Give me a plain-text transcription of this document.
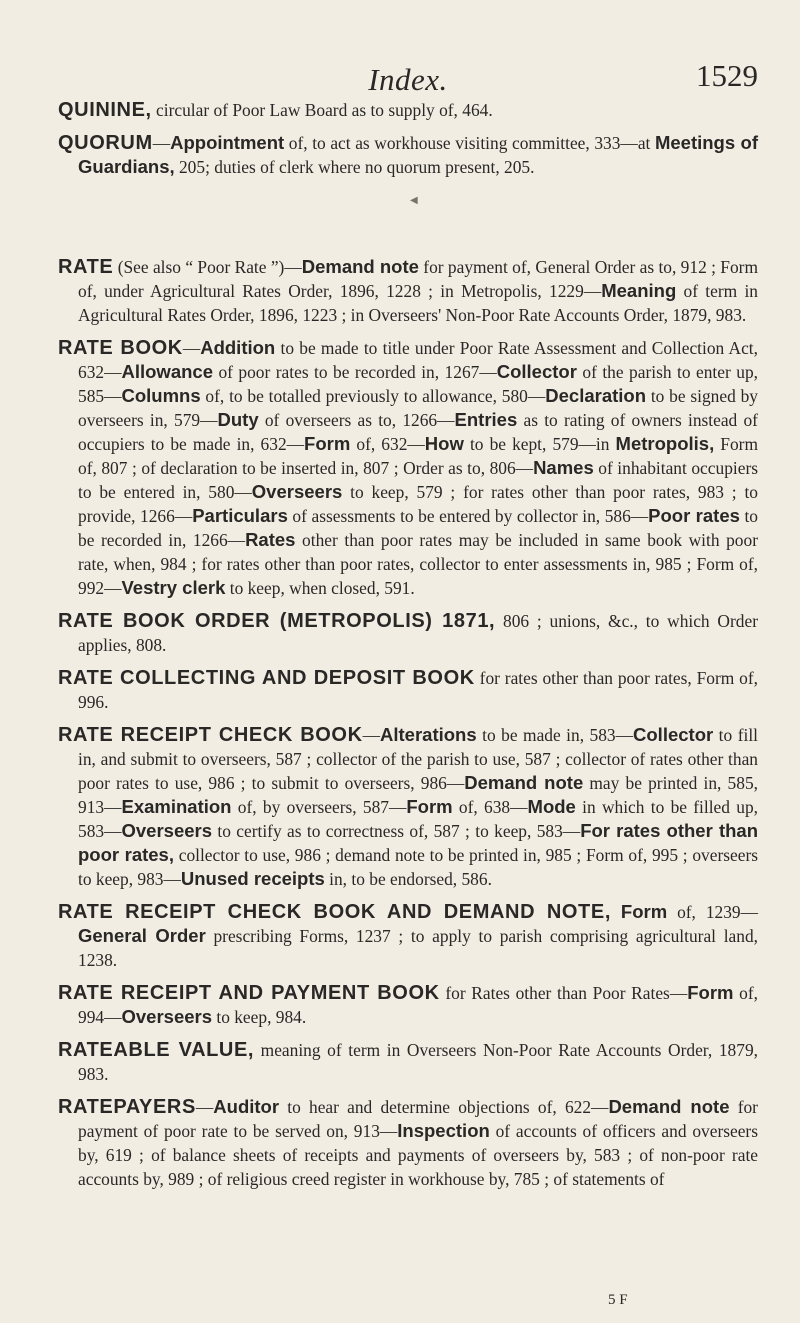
Index.	1529

QUININE, circular of Poor Law Board as to supply of, 464.

QUORUM—Appointment of, to act as workhouse visiting committee, 333—at Meetings of Guardians, 205; duties of clerk where no quorum present, 205.

◀

RATE (See also “ Poor Rate ”)—Demand note for payment of, General Order as to, 912 ; Form of, under Agricultural Rates Order, 1896, 1228 ; in Metropolis, 1229—Meaning of term in Agricultural Rates Order, 1896, 1223 ; in Overseers' Non-Poor Rate Accounts Order, 1879, 983.

RATE BOOK—Addition to be made to title under Poor Rate Assessment and Collection Act, 632—Allowance of poor rates to be recorded in, 1267—Collector of the parish to enter up, 585—Columns of, to be totalled previously to allowance, 580—Declaration to be signed by overseers in, 579—Duty of overseers as to, 1266—Entries as to rating of owners instead of occupiers to be made in, 632—Form of, 632—How to be kept, 579—in Metropolis, Form of, 807 ; of declaration to be inserted in, 807 ; Order as to, 806—Names of inhabitant occupiers to be entered in, 580—Overseers to keep, 579 ; for rates other than poor rates, 983 ; to provide, 1266—Particulars of assessments to be entered by collector in, 586—Poor rates to be recorded in, 1266—Rates other than poor rates may be included in same book with poor rate, when, 984 ; for rates other than poor rates, collector to enter assessments in, 985 ; Form of, 992—Vestry clerk to keep, when closed, 591.

RATE BOOK ORDER (METROPOLIS) 1871, 806 ; unions, &c., to which Order applies, 808.

RATE COLLECTING AND DEPOSIT BOOK for rates other than poor rates, Form of, 996.

RATE RECEIPT CHECK BOOK—Alterations to be made in, 583—Collector to fill in, and submit to overseers, 587 ; collector of the parish to use, 587 ; collector of rates other than poor rates to use, 986 ; to submit to overseers, 986—Demand note may be printed in, 585, 913—Examination of, by overseers, 587—Form of, 638—Mode in which to be filled up, 583—Overseers to certify as to correctness of, 587 ; to keep, 583—For rates other than poor rates, collector to use, 986 ; demand note to be printed in, 985 ; Form of, 995 ; overseers to keep, 983—Unused receipts in, to be endorsed, 586.

RATE RECEIPT CHECK BOOK AND DEMAND NOTE, Form of, 1239—General Order prescribing Forms, 1237 ; to apply to parish comprising agricultural land, 1238.

RATE RECEIPT AND PAYMENT BOOK for Rates other than Poor Rates—Form of, 994—Overseers to keep, 984.

RATEABLE VALUE, meaning of term in Overseers Non-Poor Rate Accounts Order, 1879, 983.

RATEPAYERS—Auditor to hear and determine objections of, 622—Demand note for payment of poor rate to be served on, 913—Inspection of accounts of officers and overseers by, 619 ; of balance sheets of receipts and payments of overseers by, 583 ; of non-poor rate accounts by, 989 ; of religious creed register in workhouse by, 785 ; of statements of

5 F
